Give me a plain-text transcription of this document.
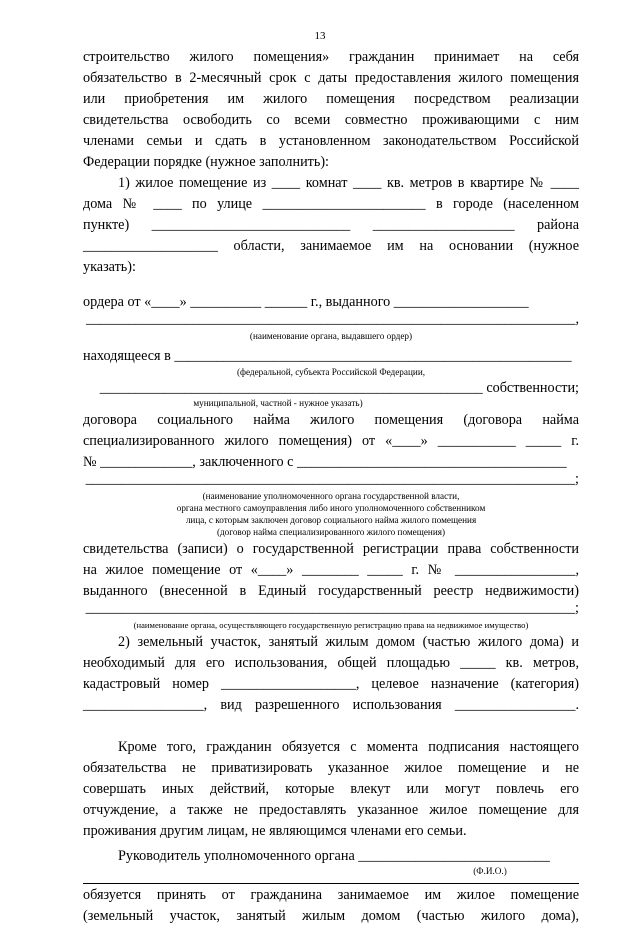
13
строительство жилого помещения» гражданин принимает на себя
обязательство в 2-месячный срок с даты предоставления жилого помещения
или приобретения им жилого помещения посредством реализации
свидетельства освободить со всеми совместно проживающими с ним
членами семьи и сдать в установленном законодательством Российской
Федерации порядке (нужное заполнить):
1) жилое помещение из ____ комнат ____ кв. метров в квартире № ____
дома № ____ по улице _______________________ в городе (населенном
пункте) ____________________________ ____________________ района
___________________ области, занимаемое им на основании (нужное
указать):
ордера от «____» __________ ______ г., выданного ___________________
_____________________________________________________________________,
(наименование органа, выдавшего ордер)
находящееся в ________________________________________________________
(федеральной, субъекта Российской Федерации,
______________________________________________________ собственности;
муниципальной, частной - нужное указать)
договора социального найма жилого помещения (договора найма
специализированного жилого помещения) от «____» ___________ _____ г.
№ _____________, заключенного с ______________________________________
_____________________________________________________________________;
(наименование уполномоченного органа государственной власти,
органа местного самоуправления либо иного уполномоченного собственником
лица, с которым заключен договор социального найма жилого помещения
(договор найма специализированного жилого помещения)
свидетельства (записи) о государственной регистрации права собственности
на жилое помещение от «____» ________ _____ г. № _________________,
выданного (внесенной в Единый государственный реестр недвижимости)
_____________________________________________________________________;
(наименование органа, осуществляющего государственную регистрацию права на недвижимое имущество)
2) земельный участок, занятый жилым домом (частью жилого дома) и
необходимый для его использования, общей площадью _____ кв. метров,
кадастровый номер ___________________, целевое назначение (категория)
_________________, вид разрешенного использования _________________.
Кроме того, гражданин обязуется с момента подписания настоящего
обязательства не приватизировать указанное жилое помещение и не
совершать иных действий, которые влекут или могут повлечь его
отчуждение, а также не предоставлять указанное жилое помещение для
проживания другим лицам, не являющимся членами его семьи.
Руководитель уполномоченного органа ___________________________
(Ф.И.О.)
обязуется принять от гражданина занимаемое им жилое помещение
(земельный участок, занятый жилым домом (частью жилого дома),
